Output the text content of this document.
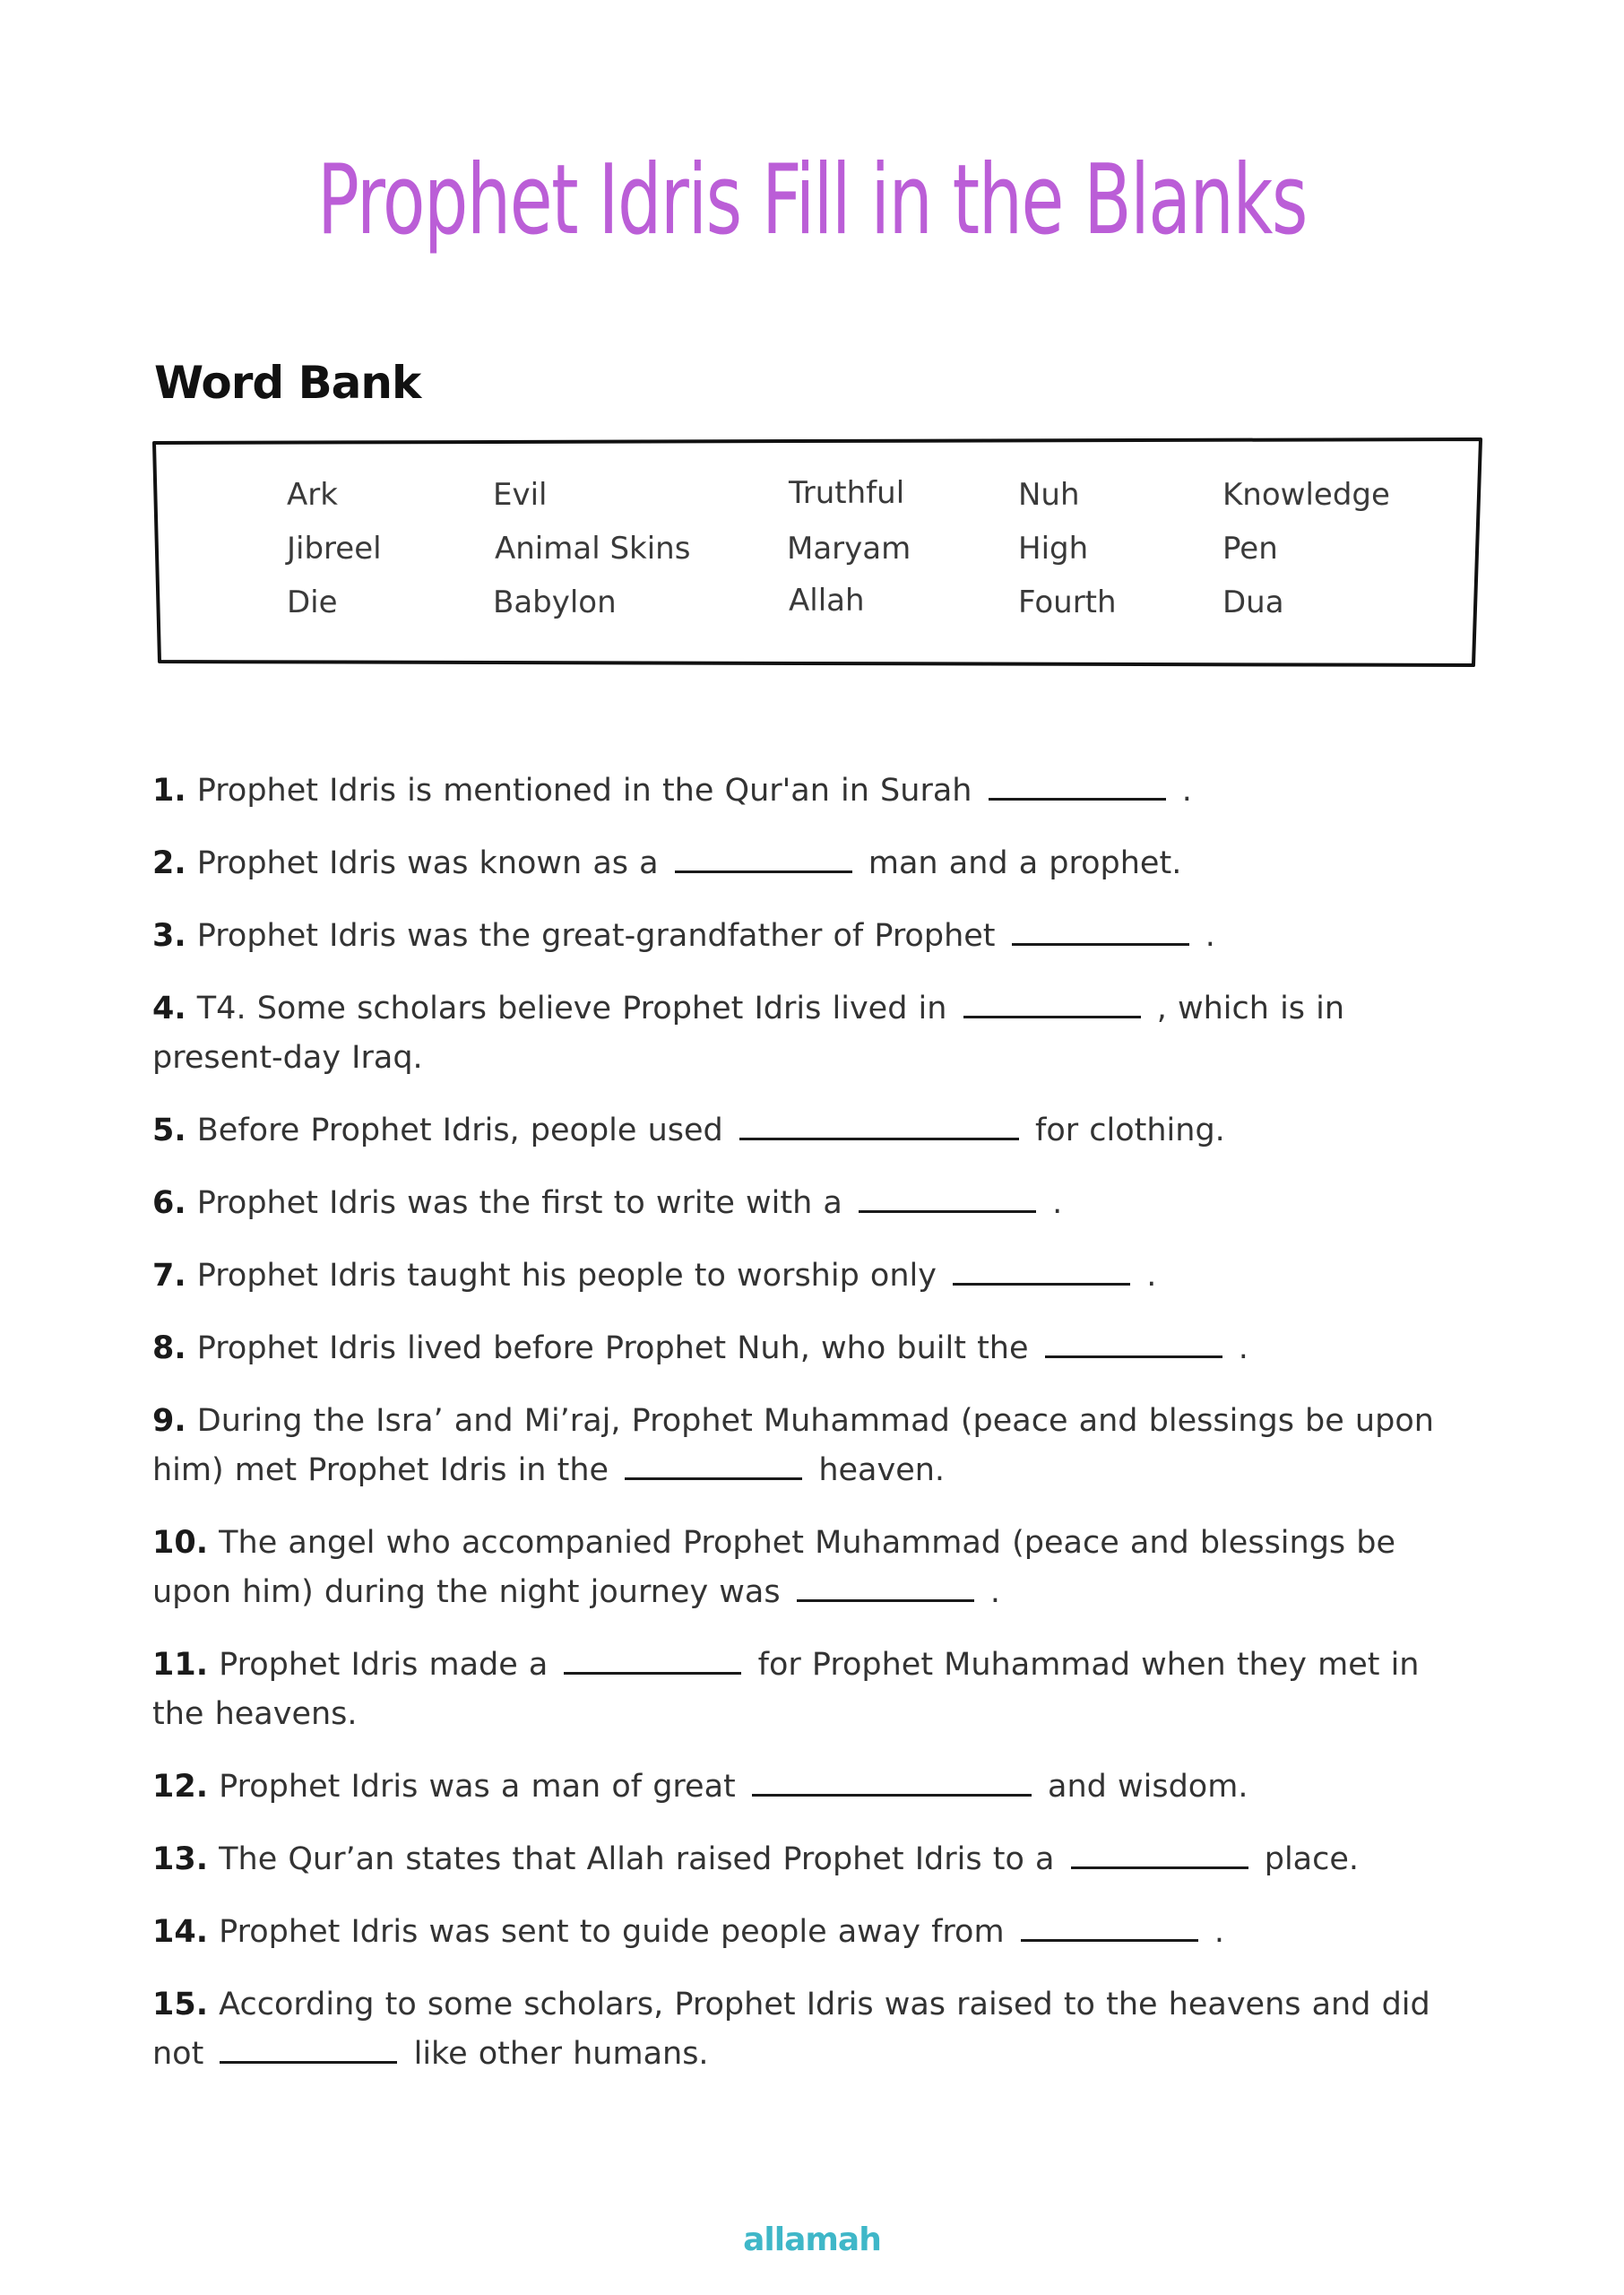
Prophet Idris Fill in the Blanks
Word Bank
Ark	Evil	Truthful	Nuh	Knowledge
Jibreel	Animal Skins	Maryam	High	Pen
Die	Babylon	Allah	Fourth	Dua

1. Prophet Idris is mentioned in the Qur'an in Surah	.

2. Prophet Idris was known as a	man and a prophet.

3. Prophet Idris was the great-grandfather of Prophet	.

4. T4. Some scholars believe Prophet Idris lived in	, which is in present-day Iraq.

5. Before Prophet Idris, people used	for clothing.

6. Prophet Idris was the first to write with a	.

7. Prophet Idris taught his people to worship only	.

8. Prophet Idris lived before Prophet Nuh, who built the	.

9. During the Isra’ and Mi’raj, Prophet Muhammad (peace and blessings be upon him) met Prophet Idris in the	heaven.

10. The angel who accompanied Prophet Muhammad (peace and blessings be upon him) during the night journey was	.

11. Prophet Idris made a	for Prophet Muhammad when they met in the heavens.

12. Prophet Idris was a man of great	and wisdom.

13. The Qur’an states that Allah raised Prophet Idris to a	place.

14. Prophet Idris was sent to guide people away from	.

15. According to some scholars, Prophet Idris was raised to the heavens and did not	like other humans.

allamah
